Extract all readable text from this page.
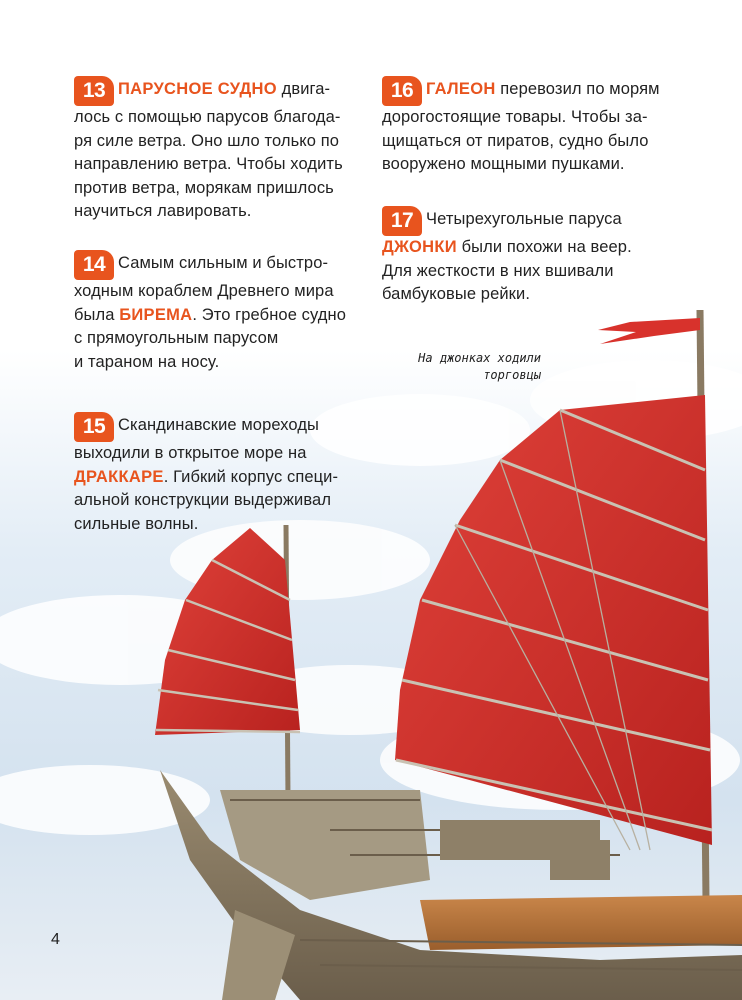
13 ПАРУСНОЕ СУДНО двига-
лось с помощью парусов благода-
ря силе ветра. Оно шло только по
направлению ветра. Чтобы ходить
против ветра, морякам пришлось
научиться лавировать.
14 Самым сильным и быстро-
ходным кораблем Древнего мира
была БИРЕМА. Это гребное судно
с прямоугольным парусом
и тараном на носу.
15 Скандинавские мореходы
выходили в открытое море на
ДРАККАРЕ. Гибкий корпус специ-
альной конструкции выдерживал
сильные волны.
16 ГАЛЕОН перевозил по морям
дорогостоящие товары. Чтобы за-
щищаться от пиратов, судно было
вооружено мощными пушками.
17 Четырехугольные паруса
ДЖОНКИ были похожи на веер.
Для жесткости в них вшивали
бамбуковые рейки.
На джонках ходили
торговцы
4
